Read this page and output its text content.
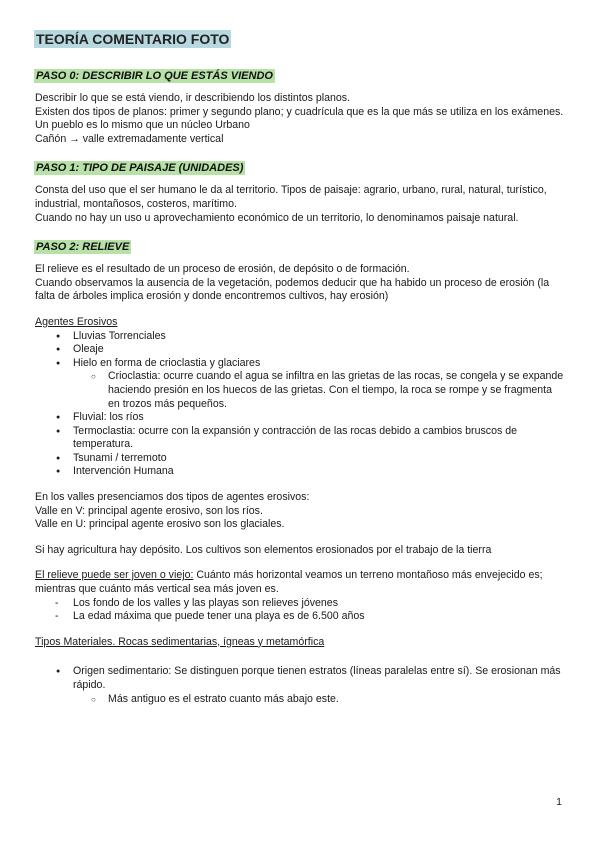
TEORÍA COMENTARIO FOTO
PASO 0: DESCRIBIR LO QUE ESTÁS VIENDO

Describir lo que se está viendo, ir describiendo los distintos planos.

Existen dos tipos de planos: primer y segundo plano; y cuadrícula que es la que más se utiliza en los exámenes.

Un pueblo es lo mismo que un núcleo Urbano

Cañón → valle extremadamente vertical

PASO 1: TIPO DE PAISAJE (UNIDADES)

Consta del uso que el ser humano le da al territorio. Tipos de paisaje: agrario, urbano, rural, natural, turístico, industrial, montañosos, costeros, marítimo.

Cuando no hay un uso u aprovechamiento económico de un territorio, lo denominamos paisaje natural.

PASO 2: RELIEVE

El relieve es el resultado de un proceso de erosión, de depósito o de formación.

Cuando observamos la ausencia de la vegetación, podemos deducir que ha habido un proceso de erosión (la falta de árboles implica erosión y donde encontremos cultivos, hay erosión)

Agentes Erosivos

● Lluvias Torrenciales
● Oleaje
● Hielo en forma de crioclastia y glaciares
○ Crioclastia: ocurre cuando el agua se infiltra en las grietas de las rocas, se congela y se expande haciendo presión en los huecos de las grietas. Con el tiempo, la roca se rompe y se fragmenta en trozos más pequeños.
● Fluvial: los ríos
● Termoclastia: ocurre con la expansión y contracción de las rocas debido a cambios bruscos de temperatura.
● Tsunami / terremoto
● Intervención Humana

En los valles presenciamos dos tipos de agentes erosivos:

Valle en V: principal agente erosivo, son los ríos.

Valle en U: principal agente erosivo son los glaciales.

Si hay agricultura hay depósito. Los cultivos son elementos erosionados por el trabajo de la tierra

El relieve puede ser joven o viejo: Cuánto más horizontal veamos un terreno montañoso más envejecido es; mientras que cuánto más vertical sea más joven es.

- Los fondo de los valles y las playas son relieves jóvenes
- La edad máxima que puede tener una playa es de 6.500 años

Tipos Materiales. Rocas sedimentarias, ígneas y metamórfica

● Origen sedimentario: Se distinguen porque tienen estratos (líneas paralelas entre sí). Se erosionan más rápido.
○ Más antiguo es el estrato cuanto más abajo este.
1
